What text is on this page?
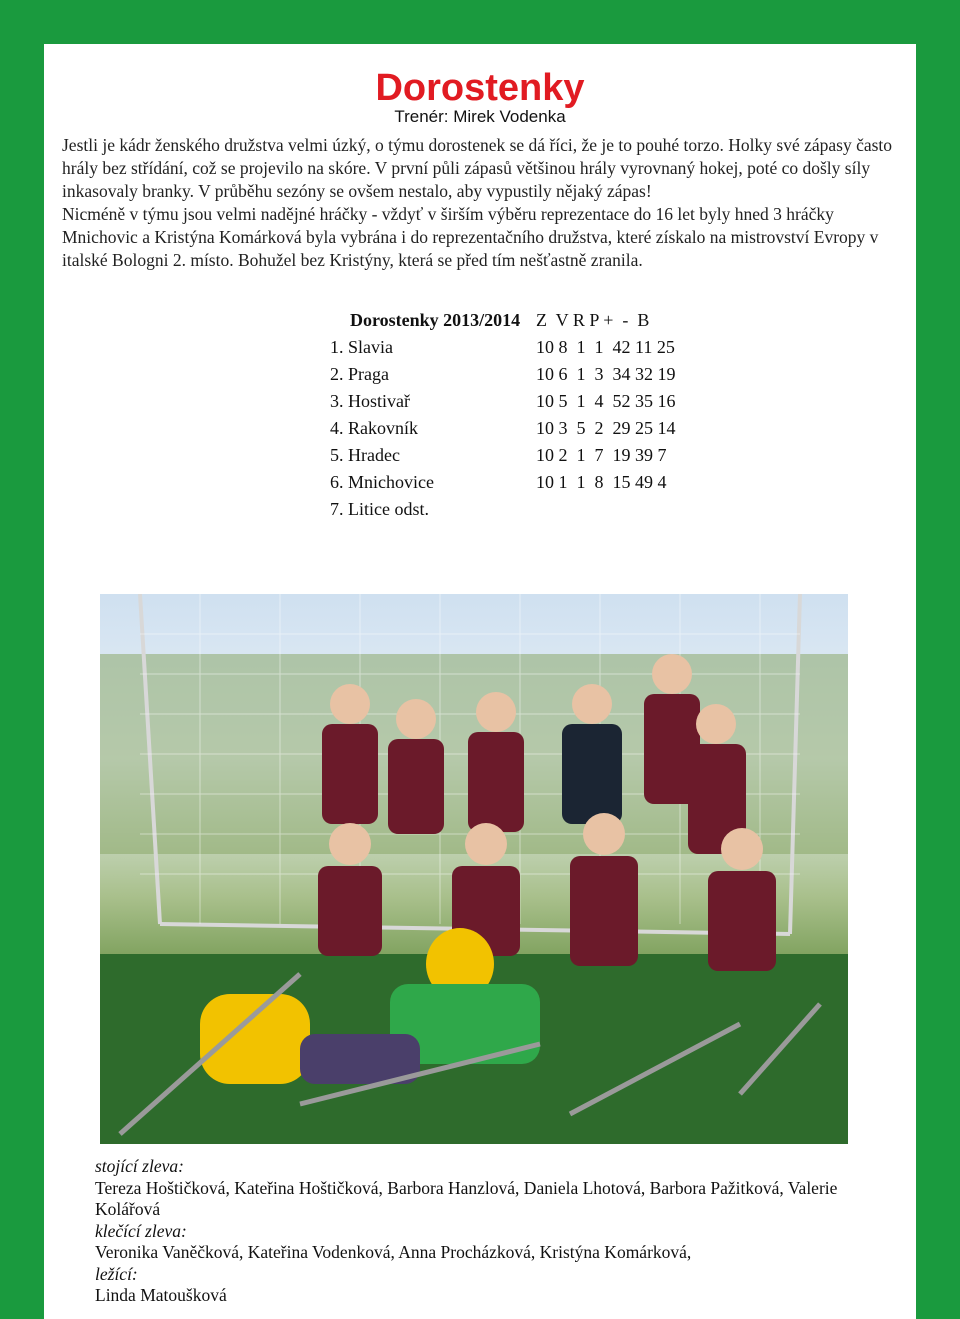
Dorostenky
Trenér: Mirek Vodenka

Jestli je kádr ženského družstva velmi úzký, o týmu dorostenek se dá říci, že je to pouhé torzo. Holky své zápasy často hrály bez střídání, což se projevilo na skóre. V první půli zápasů většinou hrály vyrovnaný hokej, poté co došly síly inkasovaly branky. V průběhu sezóny se ovšem nestalo, aby vypustily nějaký zápas!

Nicméně v týmu jsou velmi nadějné hráčky - vždyť v širším výběru reprezentace do 16 let byly hned 3 hráčky Mnichovic a Kristýna Komárková byla vybrána i do reprezentačního družstva, které získalo na mistrovství Evropy v italské Bologni 2. místo. Bohužel bez Kristýny, která se před tím nešťastně zranila.

Dorostenky 2013/2014 Z  V R P +  -  B
1. Slavia	10 8  1  1  42 11 25
2. Praga	10 6  1  3  34 32 19
3. Hostivař	10 5  1  4  52 35 16
4. Rakovník	10 3  5  2  29 25 14
5. Hradec	10 2  1  7  19 39 7
6. Mnichovice	10 1  1  8  15 49 4
7. Litice odst.
stojící zleva:
Tereza Hoštičková, Kateřina Hoštičková, Barbora Hanzlová, Daniela Lhotová, Barbora Pažitková, Valerie Kolářová
klečící zleva:
Veronika Vaněčková, Kateřina Vodenková, Anna Procházková, Kristýna Komárková,
ležící:
Linda Matoušková
